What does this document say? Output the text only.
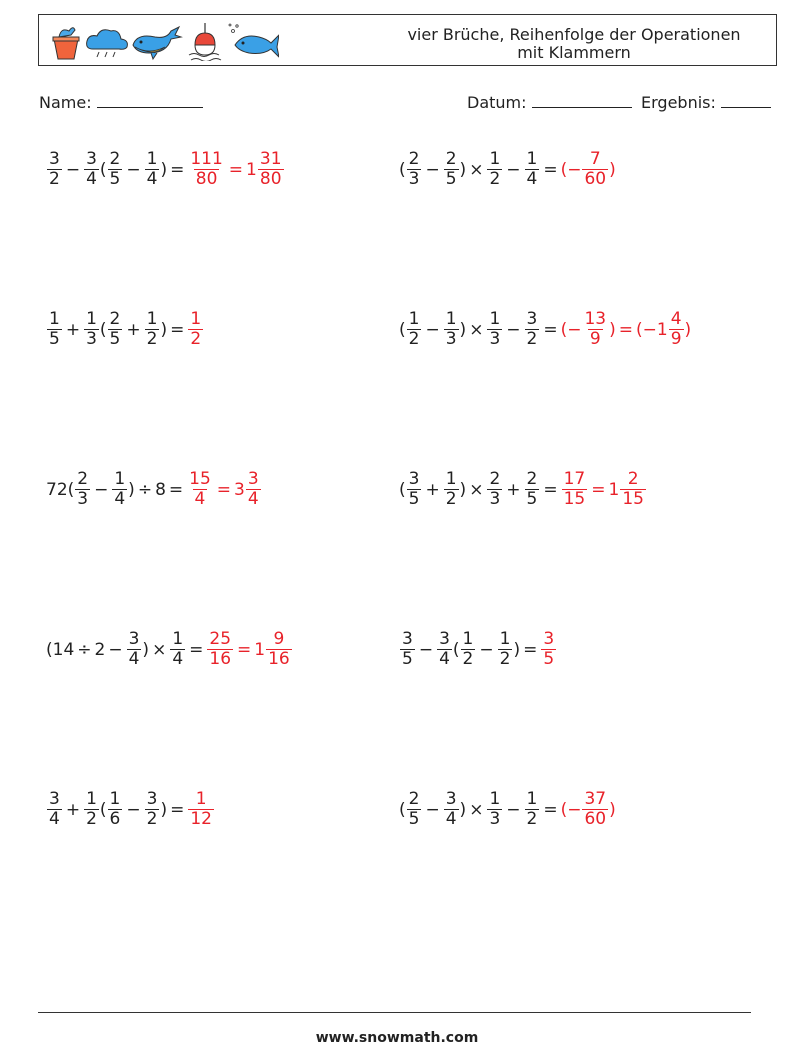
vier Brüche, Reihenfolge der Operationen
mit Klammern
Name:	Datum:	Ergebnis:
$\frac{3}{2} - \frac{3}{4}$ ( $\frac{2}{5} - \frac{1}{4}$ ) = $\frac{111}{80} = 1 \frac{31}{80}$	( $\frac{2}{3} - \frac{2}{5}$ ) × $\frac{1}{2} - \frac{1}{4}$ = (− $\frac{7}{60}$ )
$\frac{1}{5} + \frac{1}{3}$ ( $\frac{2}{5} + \frac{1}{2}$ ) = $\frac{1}{2}$	( $\frac{1}{2} - \frac{1}{3}$ ) × $\frac{1}{3} - \frac{3}{2}$ = (− $\frac{13}{9}$ ) = ($-1 \frac{4}{9}$ )
$72( \frac{2}{3} - \frac{1}{4}$ ) ÷ $8 = \frac{15}{4} = 3 \frac{3}{4}$	( $\frac{3}{5} + \frac{1}{2}$ ) × $\frac{2}{3} + \frac{2}{5} = \frac{17}{15} = 1 \frac{2}{15}$
($14 \div 2 - \frac{3}{4}$ ) × $\frac{1}{4} = \frac{25}{16} = 1 \frac{9}{16}$	$\frac{3}{5} - \frac{3}{4}$ ( $\frac{1}{2} - \frac{1}{2}$ ) = $\frac{3}{5}$
$\frac{3}{4} + \frac{1}{2}$ ( $\frac{1}{6} - \frac{3}{2}$ ) = $\frac{1}{12}$	( $\frac{2}{5} - \frac{3}{4}$ ) × $\frac{1}{3} - \frac{1}{2}$ = (− $\frac{37}{60}$ )
www.snowmath.com
